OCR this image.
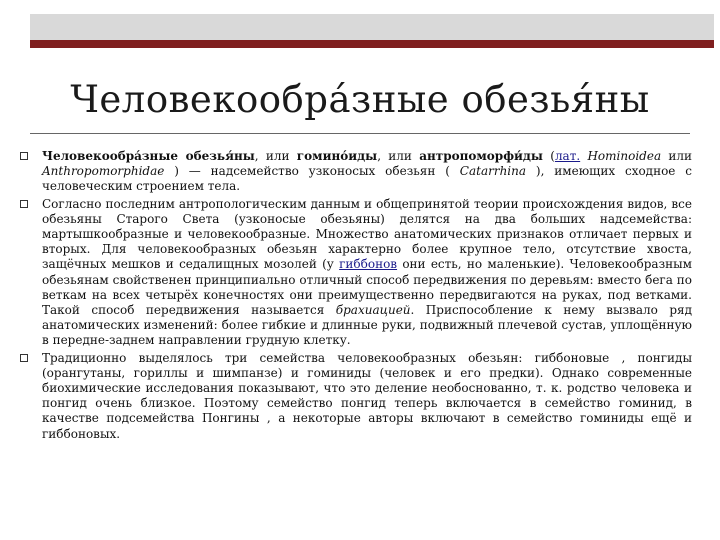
Человекообра́зные обезья́ны
Человекообра́зные обезья́ны, или гомино́иды, или антропоморфи́ды (лат. Hominoidea или Anthropomorphidae ) — надсемейство узконосых обезьян ( Catarrhina ), имеющих сходное с человеческим строением тела.
Согласно последним антропологическим данным и общепринятой теории происхождения видов, все обезьяны Старого Света (узконосые обезьяны) делятся на два больших надсемейства: мартышкообразные и человекообразные. Множество анатомических признаков отличает первых и вторых. Для человекообразных обезьян характерно более крупное тело, отсутствие хвоста, защёчных мешков и седалищных мозолей (у гиббонов они есть, но маленькие). Человекообразным обезьянам свойственен принципиально отличный способ передвижения по деревьям: вместо бега по веткам на всех четырёх конечностях они преимущественно передвигаются на руках, под ветками. Такой способ передвижения называется брахиацией. Приспособление к нему вызвало ряд анатомических изменений: более гибкие и длинные руки, подвижный плечевой сустав, уплощённую в передне-заднем направлении грудную клетку.
Традиционно выделялось три семейства человекообразных обезьян: гиббоновые , понгиды (орангутаны, гориллы и шимпанзе) и гоминиды (человек и его предки). Однако современные биохимические исследования показывают, что это деление необоснованно, т. к. родство человека и понгид очень близкое. Поэтому семейство понгид теперь включается в семейство гоминид, в качестве подсемейства Понгины , а некоторые авторы включают в семейство гоминиды ещё и гиббоновых.
